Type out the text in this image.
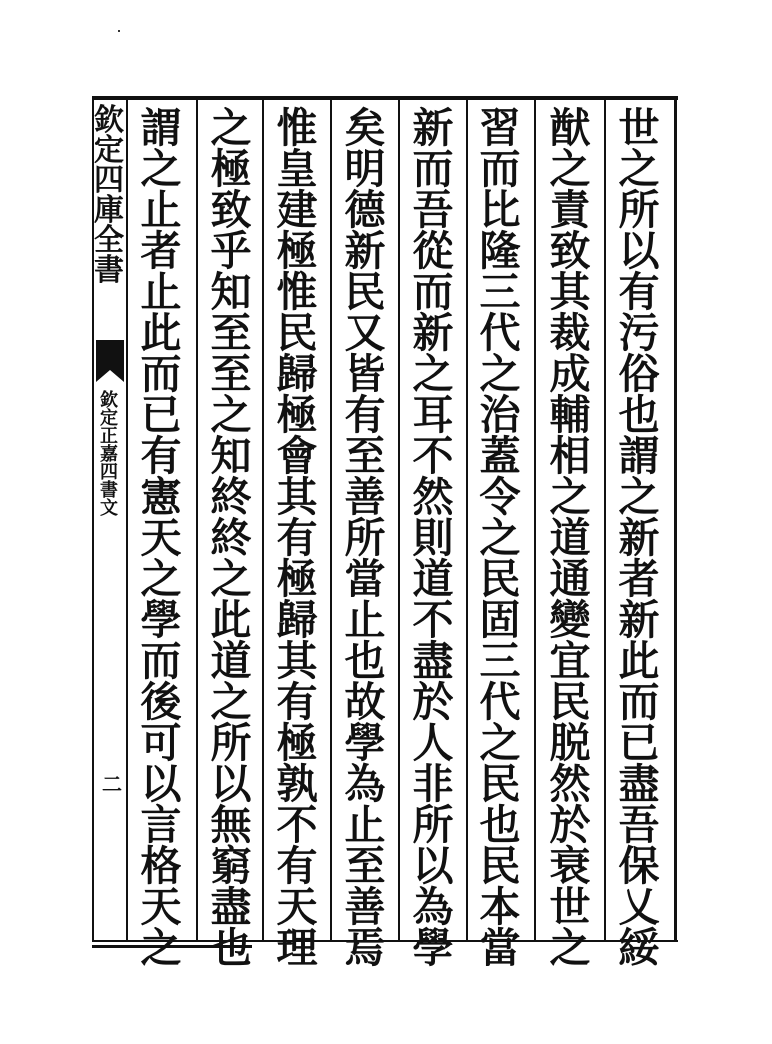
欽
定
四
庫
全
書
欽
定
正
嘉
四
書
文
二
世
之
所
以
有
污
俗
也
謂
之
新
者
新
此
而
已
盡
吾
保
乂
綏
猷
之
責
致
其
裁
成
輔
相
之
道
通
變
宜
民
脱
然
於
衰
世
之
習
而
比
隆
三
代
之
治
蓋
令
之
民
固
三
代
之
民
也
民
本
當
新
而
吾
從
而
新
之
耳
不
然
則
道
不
盡
於
人
非
所
以
為
學
矣
明
德
新
民
又
皆
有
至
善
所
當
止
也
故
學
為
止
至
善
焉
惟
皇
建
極
惟
民
歸
極
會
其
有
極
歸
其
有
極
孰
不
有
天
理
之
極
致
乎
知
至
至
之
知
終
終
之
此
道
之
所
以
無
窮
盡
也
謂
之
止
者
止
此
而
已
有
憲
天
之
學
而
後
可
以
言
格
天
之
